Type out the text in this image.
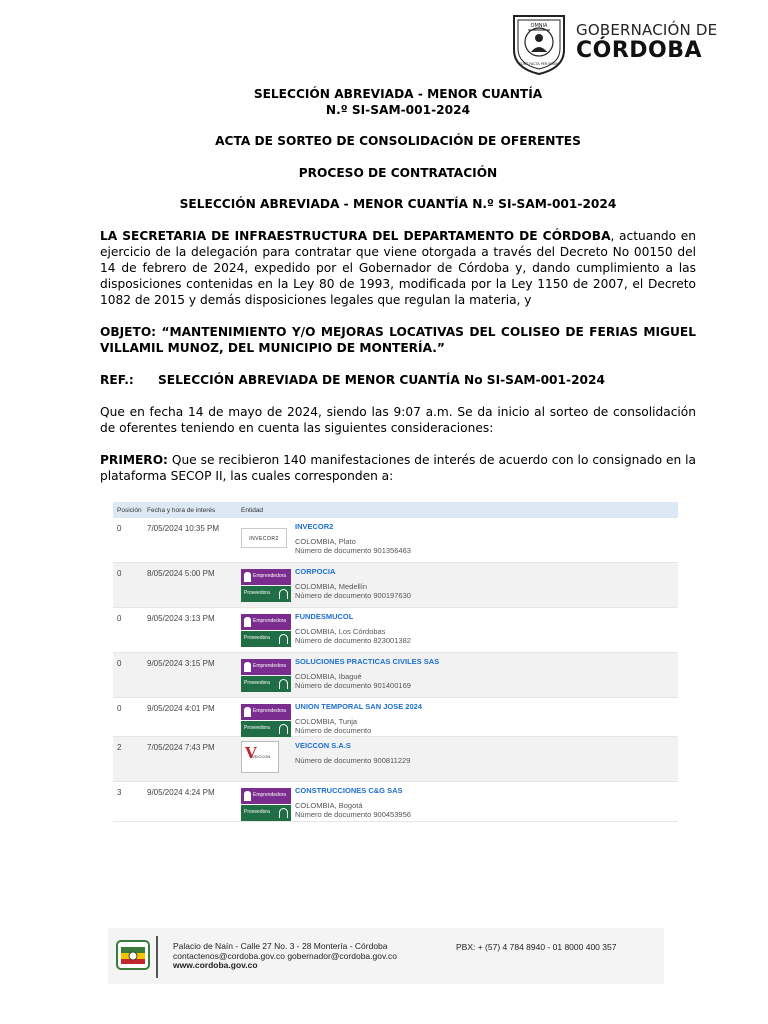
OMNIA
SUNT FACTA PER IPSUM
GOBERNACIÓN DE
CÓRDOBA
SELECCIÓN ABREVIADA - MENOR CUANTÍA
N.º SI-SAM-001-2024
ACTA DE SORTEO DE CONSOLIDACIÓN DE OFERENTES
PROCESO DE CONTRATACIÓN
SELECCIÓN ABREVIADA - MENOR CUANTÍA N.º SI-SAM-001-2024
LA SECRETARIA DE INFRAESTRUCTURA DEL DEPARTAMENTO DE CÓRDOBA, actuando en ejercicio de la delegación para contratar que viene otorgada a través del Decreto No 00150 del 14 de febrero de 2024, expedido por el Gobernador de Córdoba y, dando cumplimiento a las disposiciones contenidas en la Ley 80 de 1993, modificada por la Ley 1150 de 2007, el Decreto 1082 de 2015 y demás disposiciones legales que regulan la materia, y
OBJETO: “MANTENIMIENTO Y/O MEJORAS LOCATIVAS DEL COLISEO DE FERIAS MIGUEL VILLAMIL MUNOZ, DEL MUNICIPIO DE MONTERÍA.”
REF.: SELECCIÓN ABREVIADA DE MENOR CUANTÍA No SI-SAM-001-2024
Que en fecha 14 de mayo de 2024, siendo las 9:07 a.m. Se da inicio al sorteo de consolidación de oferentes teniendo en cuenta las siguientes consideraciones:
PRIMERO: Que se recibieron 140 manifestaciones de interés de acuerdo con lo consignado en la plataforma SECOP II, las cuales corresponden a:
Posición Fecha y hora de interés	Entidad
0	7/05/2024 10:35 PM
INVECOR2
INVECOR2
COLOMBIA, Plato
Número de documento 901356463
0	8/05/2024 5:00 PM	Emprendedora
Proveedora
CORPOCIA
COLOMBIA, Medellín
Número de documento 900197630
0	9/05/2024 3:13 PM	Emprendedora
Proveedora
FUNDESMUCOL
COLOMBIA, Los Córdobas
Número de documento 823001382
0	9/05/2024 3:15 PM	Emprendedora
Proveedora
SOLUCIONES PRACTICAS CIVILES SAS
COLOMBIA, Ibagué
Número de documento 901400169
0	9/05/2024 4:01 PM	Emprendedora
Proveedora
UNION TEMPORAL SAN JOSE 2024
COLOMBIA, Tunja
Número de documento
2	7/05/2024 7:43 PM	V
VEICCON
VEICCON S.A.S
Número de documento 900811229
3	9/05/2024 4:24 PM	Emprendedora
Proveedora
CONSTRUCCIONES C&G SAS
COLOMBIA, Bogotá
Número de documento 900453956
Palacio de Naín - Calle 27 No. 3 - 28 Montería - Córdoba
contactenos@cordoba.gov.co gobernador@cordoba.gov.co
www.cordoba.gov.co
PBX: + (57) 4 784 8940 - 01 8000 400 357
